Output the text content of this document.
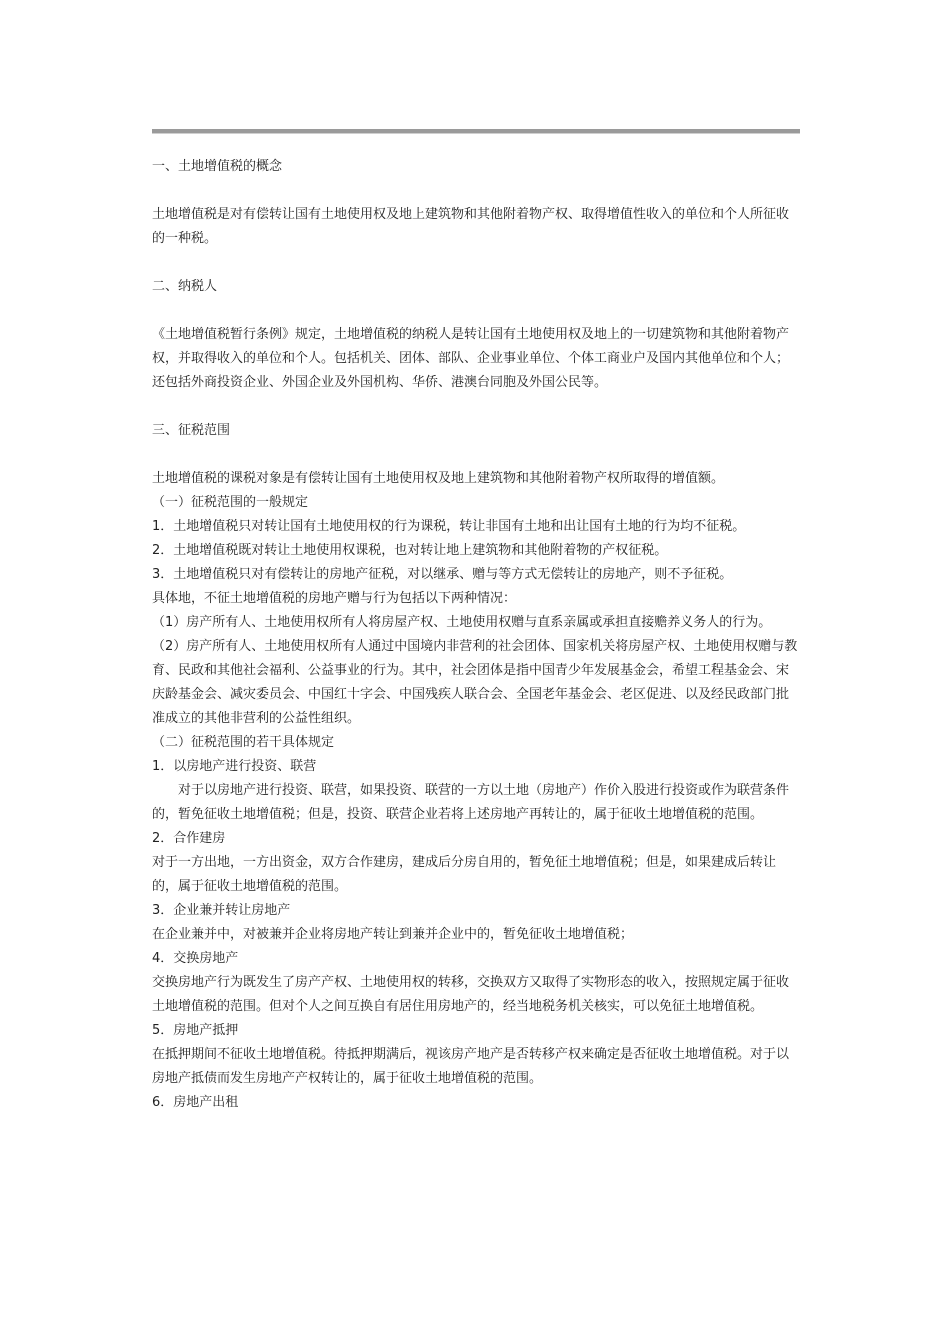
一、土地增值税的概念

土地增值税是对有偿转让国有土地使用权及地上建筑物和其他附着物产权、取得增值性收入的单位和个人所征收的一种税。

二、纳税人

《土地增值税暂行条例》规定，土地增值税的纳税人是转让国有土地使用权及地上的一切建筑物和其他附着物产权，并取得收入的单位和个人。包括机关、团体、部队、企业事业单位、个体工商业户及国内其他单位和个人；还包括外商投资企业、外国企业及外国机构、华侨、港澳台同胞及外国公民等。

三、征税范围

土地增值税的课税对象是有偿转让国有土地使用权及地上建筑物和其他附着物产权所取得的增值额。

（一）征税范围的一般规定

1．土地增值税只对转让国有土地使用权的行为课税，转让非国有土地和出让国有土地的行为均不征税。

2．土地增值税既对转让土地使用权课税，也对转让地上建筑物和其他附着物的产权征税。

3．土地增值税只对有偿转让的房地产征税，对以继承、赠与等方式无偿转让的房地产，则不予征税。

具体地，不征土地增值税的房地产赠与行为包括以下两种情况：

（1）房产所有人、土地使用权所有人将房屋产权、土地使用权赠与直系亲属或承担直接赡养义务人的行为。

（2）房产所有人、土地使用权所有人通过中国境内非营利的社会团体、国家机关将房屋产权、土地使用权赠与教育、民政和其他社会福利、公益事业的行为。其中，社会团体是指中国青少年发展基金会，希望工程基金会、宋庆龄基金会、减灾委员会、中国红十字会、中国残疾人联合会、全国老年基金会、老区促进、以及经民政部门批准成立的其他非营利的公益性组织。

（二）征税范围的若干具体规定

1．以房地产进行投资、联营

对于以房地产进行投资、联营，如果投资、联营的一方以土地（房地产）作价入股进行投资或作为联营条件的，暂免征收土地增值税；但是，投资、联营企业若将上述房地产再转让的，属于征收土地增值税的范围。

2．合作建房

对于一方出地，一方出资金，双方合作建房，建成后分房自用的，暂免征土地增值税；但是，如果建成后转让的，属于征收土地增值税的范围。

3．企业兼并转让房地产

在企业兼并中，对被兼并企业将房地产转让到兼并企业中的，暂免征收土地增值税；

4．交换房地产

交换房地产行为既发生了房产产权、土地使用权的转移，交换双方又取得了实物形态的收入，按照规定属于征收土地增值税的范围。但对个人之间互换自有居住用房地产的，经当地税务机关核实，可以免征土地增值税。

5．房地产抵押

在抵押期间不征收土地增值税。待抵押期满后，视该房产地产是否转移产权来确定是否征收土地增值税。对于以房地产抵债而发生房地产产权转让的，属于征收土地增值税的范围。

6．房地产出租
